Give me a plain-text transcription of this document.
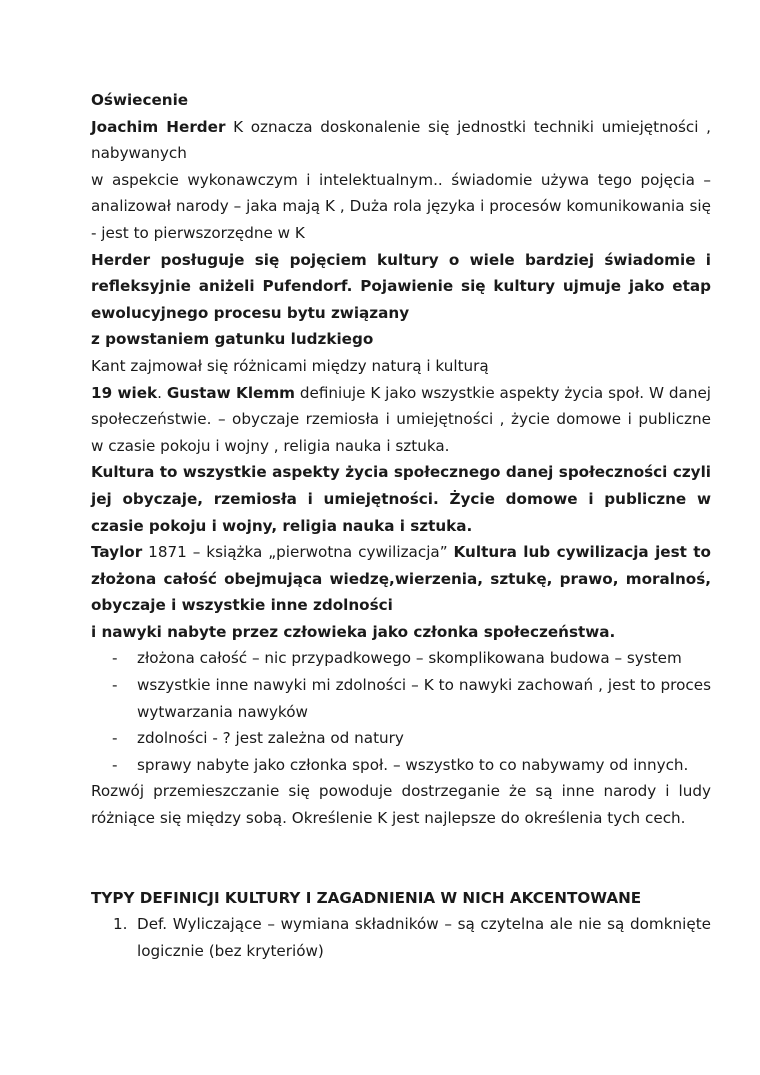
Oświecenie

Joachim Herder K oznacza doskonalenie się jednostki techniki umiejętności , nabywanych

w aspekcie wykonawczym i intelektualnym.. świadomie używa tego pojęcia – analizował narody – jaka mają K , Duża rola języka i procesów komunikowania się - jest to pierwszorzędne w K

Herder posługuje się pojęciem kultury o wiele bardziej świadomie i refleksyjnie aniżeli Pufendorf. Pojawienie się kultury ujmuje jako etap ewolucyjnego procesu bytu związany

z powstaniem gatunku ludzkiego

Kant zajmował się różnicami między naturą i kulturą

19 wiek. Gustaw Klemm definiuje K jako wszystkie aspekty życia społ. W danej społeczeństwie. – obyczaje rzemiosła i umiejętności , życie domowe i publiczne w czasie pokoju i wojny , religia nauka i sztuka.

Kultura to wszystkie aspekty życia społecznego danej społeczności czyli jej obyczaje, rzemiosła i umiejętności. Życie domowe i publiczne w czasie pokoju i wojny, religia nauka i sztuka.

Taylor 1871 – książka „pierwotna cywilizacja” Kultura lub cywilizacja jest to złożona całość obejmująca wiedzę,wierzenia, sztukę, prawo, moralnoś, obyczaje i wszystkie inne zdolności

i nawyki nabyte przez człowieka jako członka społeczeństwa.

- złożona całość – nic przypadkowego – skomplikowana budowa – system
- wszystkie inne nawyki mi zdolności – K to nawyki zachowań , jest to proces wytwarzania nawyków
- zdolności - ? jest zależna od natury
- sprawy nabyte jako członka społ. – wszystko to co nabywamy od innych.

Rozwój przemieszczanie się powoduje dostrzeganie że są inne narody i ludy różniące się między sobą. Określenie K jest najlepsze do określenia tych cech.

TYPY DEFINICJI KULTURY I ZAGADNIENIA W NICH AKCENTOWANE

1. Def. Wyliczające – wymiana składników – są czytelna ale nie są domknięte logicznie (bez kryteriów)
